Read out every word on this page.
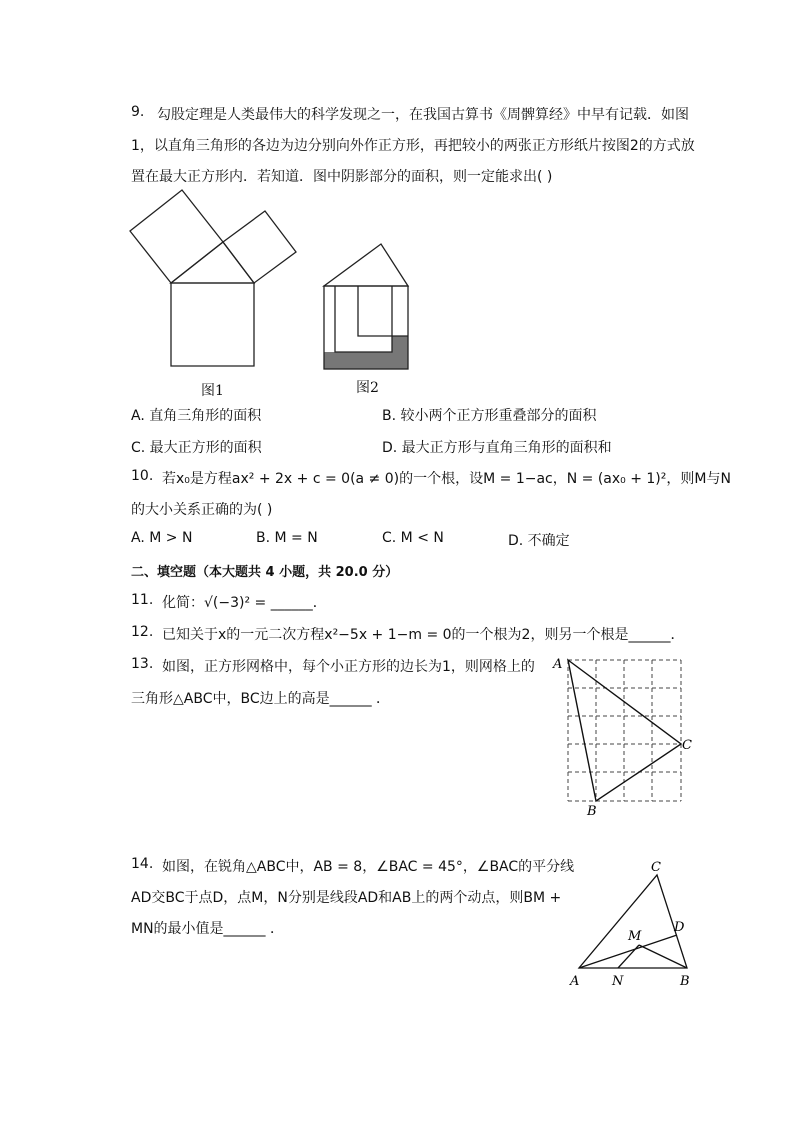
9. 勾股定理是人类最伟大的科学发现之一，在我国古算书《周髀算经》中早有记载．如图
1，以直角三角形的各边为边分别向外作正方形，再把较小的两张正方形纸片按图2的方式放
置在最大正方形内．若知道．图中阴影部分的面积，则一定能求出( )
图1	图2
A. 直角三角形的面积	B. 较小两个正方形重叠部分的面积
C. 最大正方形的面积	D. 最大正方形与直角三角形的面积和
10. 若x₀是方程ax² + 2x + c = 0(a ≠ 0)的一个根，设M = 1−ac，N = (ax₀ + 1)²，则M与N
的大小关系正确的为( )
A. M > N	B. M = N	C. M < N	D. 不确定
二、填空题（本大题共 4 小题，共 20.0 分）
11. 化简：√(−3)² = ______．
12. 已知关于x的一元二次方程x²−5x + 1−m = 0的一个根为2，则另一个根是______．
13. 如图，正方形网格中，每个小正方形的边长为1，则网格上的
三角形△ABC中，BC边上的高是______ ．
A
C
B
14. 如图，在锐角△ABC中，AB = 8，∠BAC = 45°，∠BAC的平分线
AD交BC于点D，点M，N分别是线段AD和AB上的两个动点，则BM +
MN的最小值是______ ．
C
D
M
A	N	B
